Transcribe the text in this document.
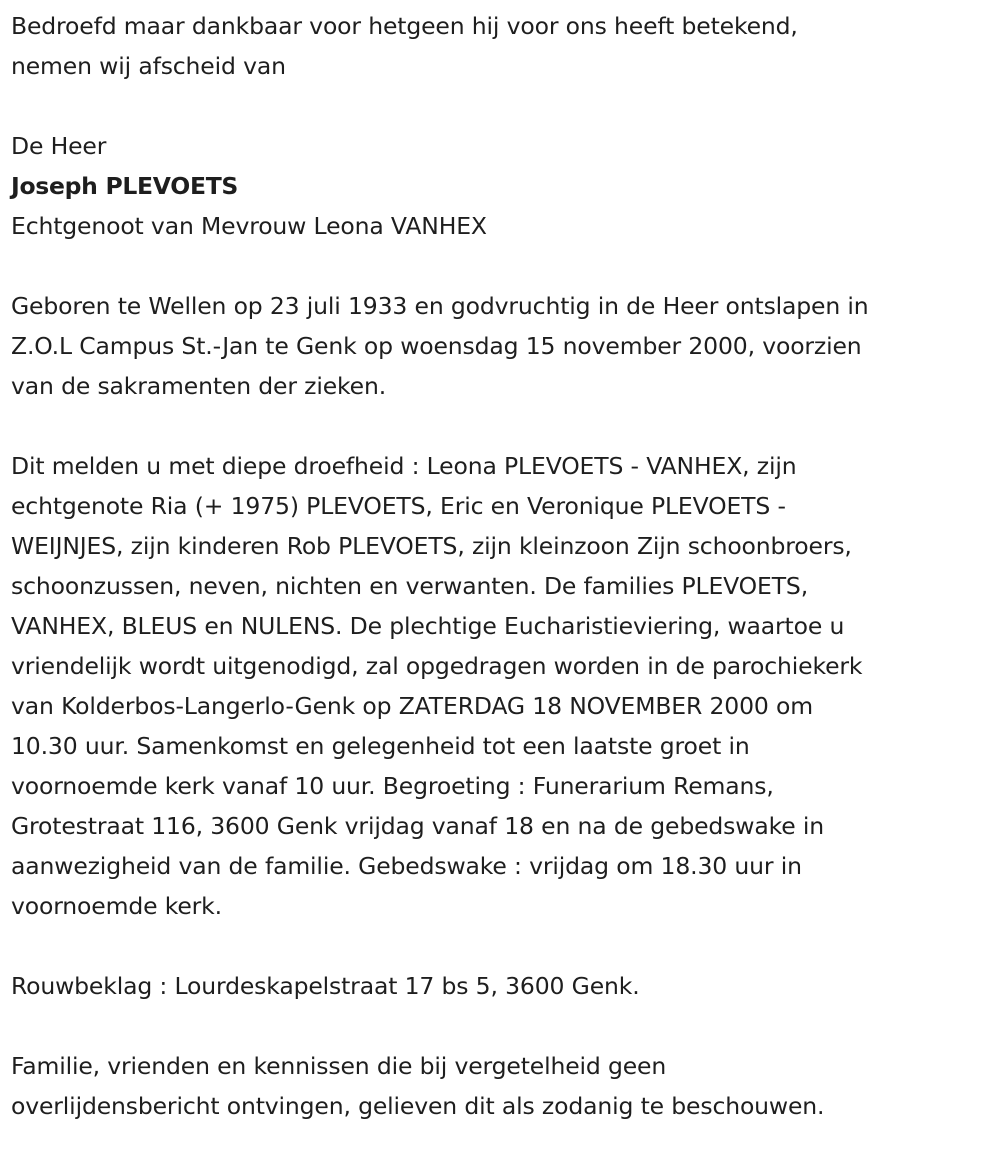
Bedroefd maar dankbaar voor hetgeen hij voor ons heeft betekend,
nemen wij afscheid van
De Heer
Joseph PLEVOETS
Echtgenoot van Mevrouw Leona VANHEX
Geboren te Wellen op 23 juli 1933 en godvruchtig in de Heer ontslapen in
Z.O.L Campus St.-Jan te Genk op woensdag 15 november 2000, voorzien
van de sakramenten der zieken.
Dit melden u met diepe droefheid : Leona PLEVOETS - VANHEX, zijn
echtgenote Ria (+ 1975) PLEVOETS, Eric en Veronique PLEVOETS -
WEIJNJES, zijn kinderen Rob PLEVOETS, zijn kleinzoon Zijn schoonbroers,
schoonzussen, neven, nichten en verwanten. De families PLEVOETS,
VANHEX, BLEUS en NULENS. De plechtige Eucharistieviering, waartoe u
vriendelijk wordt uitgenodigd, zal opgedragen worden in de parochiekerk
van Kolderbos-Langerlo-Genk op ZATERDAG 18 NOVEMBER 2000 om
10.30 uur. Samenkomst en gelegenheid tot een laatste groet in
voornoemde kerk vanaf 10 uur. Begroeting : Funerarium Remans,
Grotestraat 116, 3600 Genk vrijdag vanaf 18 en na de gebedswake in
aanwezigheid van de familie. Gebedswake : vrijdag om 18.30 uur in
voornoemde kerk.
Rouwbeklag : Lourdeskapelstraat 17 bs 5, 3600 Genk.
Familie, vrienden en kennissen die bij vergetelheid geen
overlijdensbericht ontvingen, gelieven dit als zodanig te beschouwen.
